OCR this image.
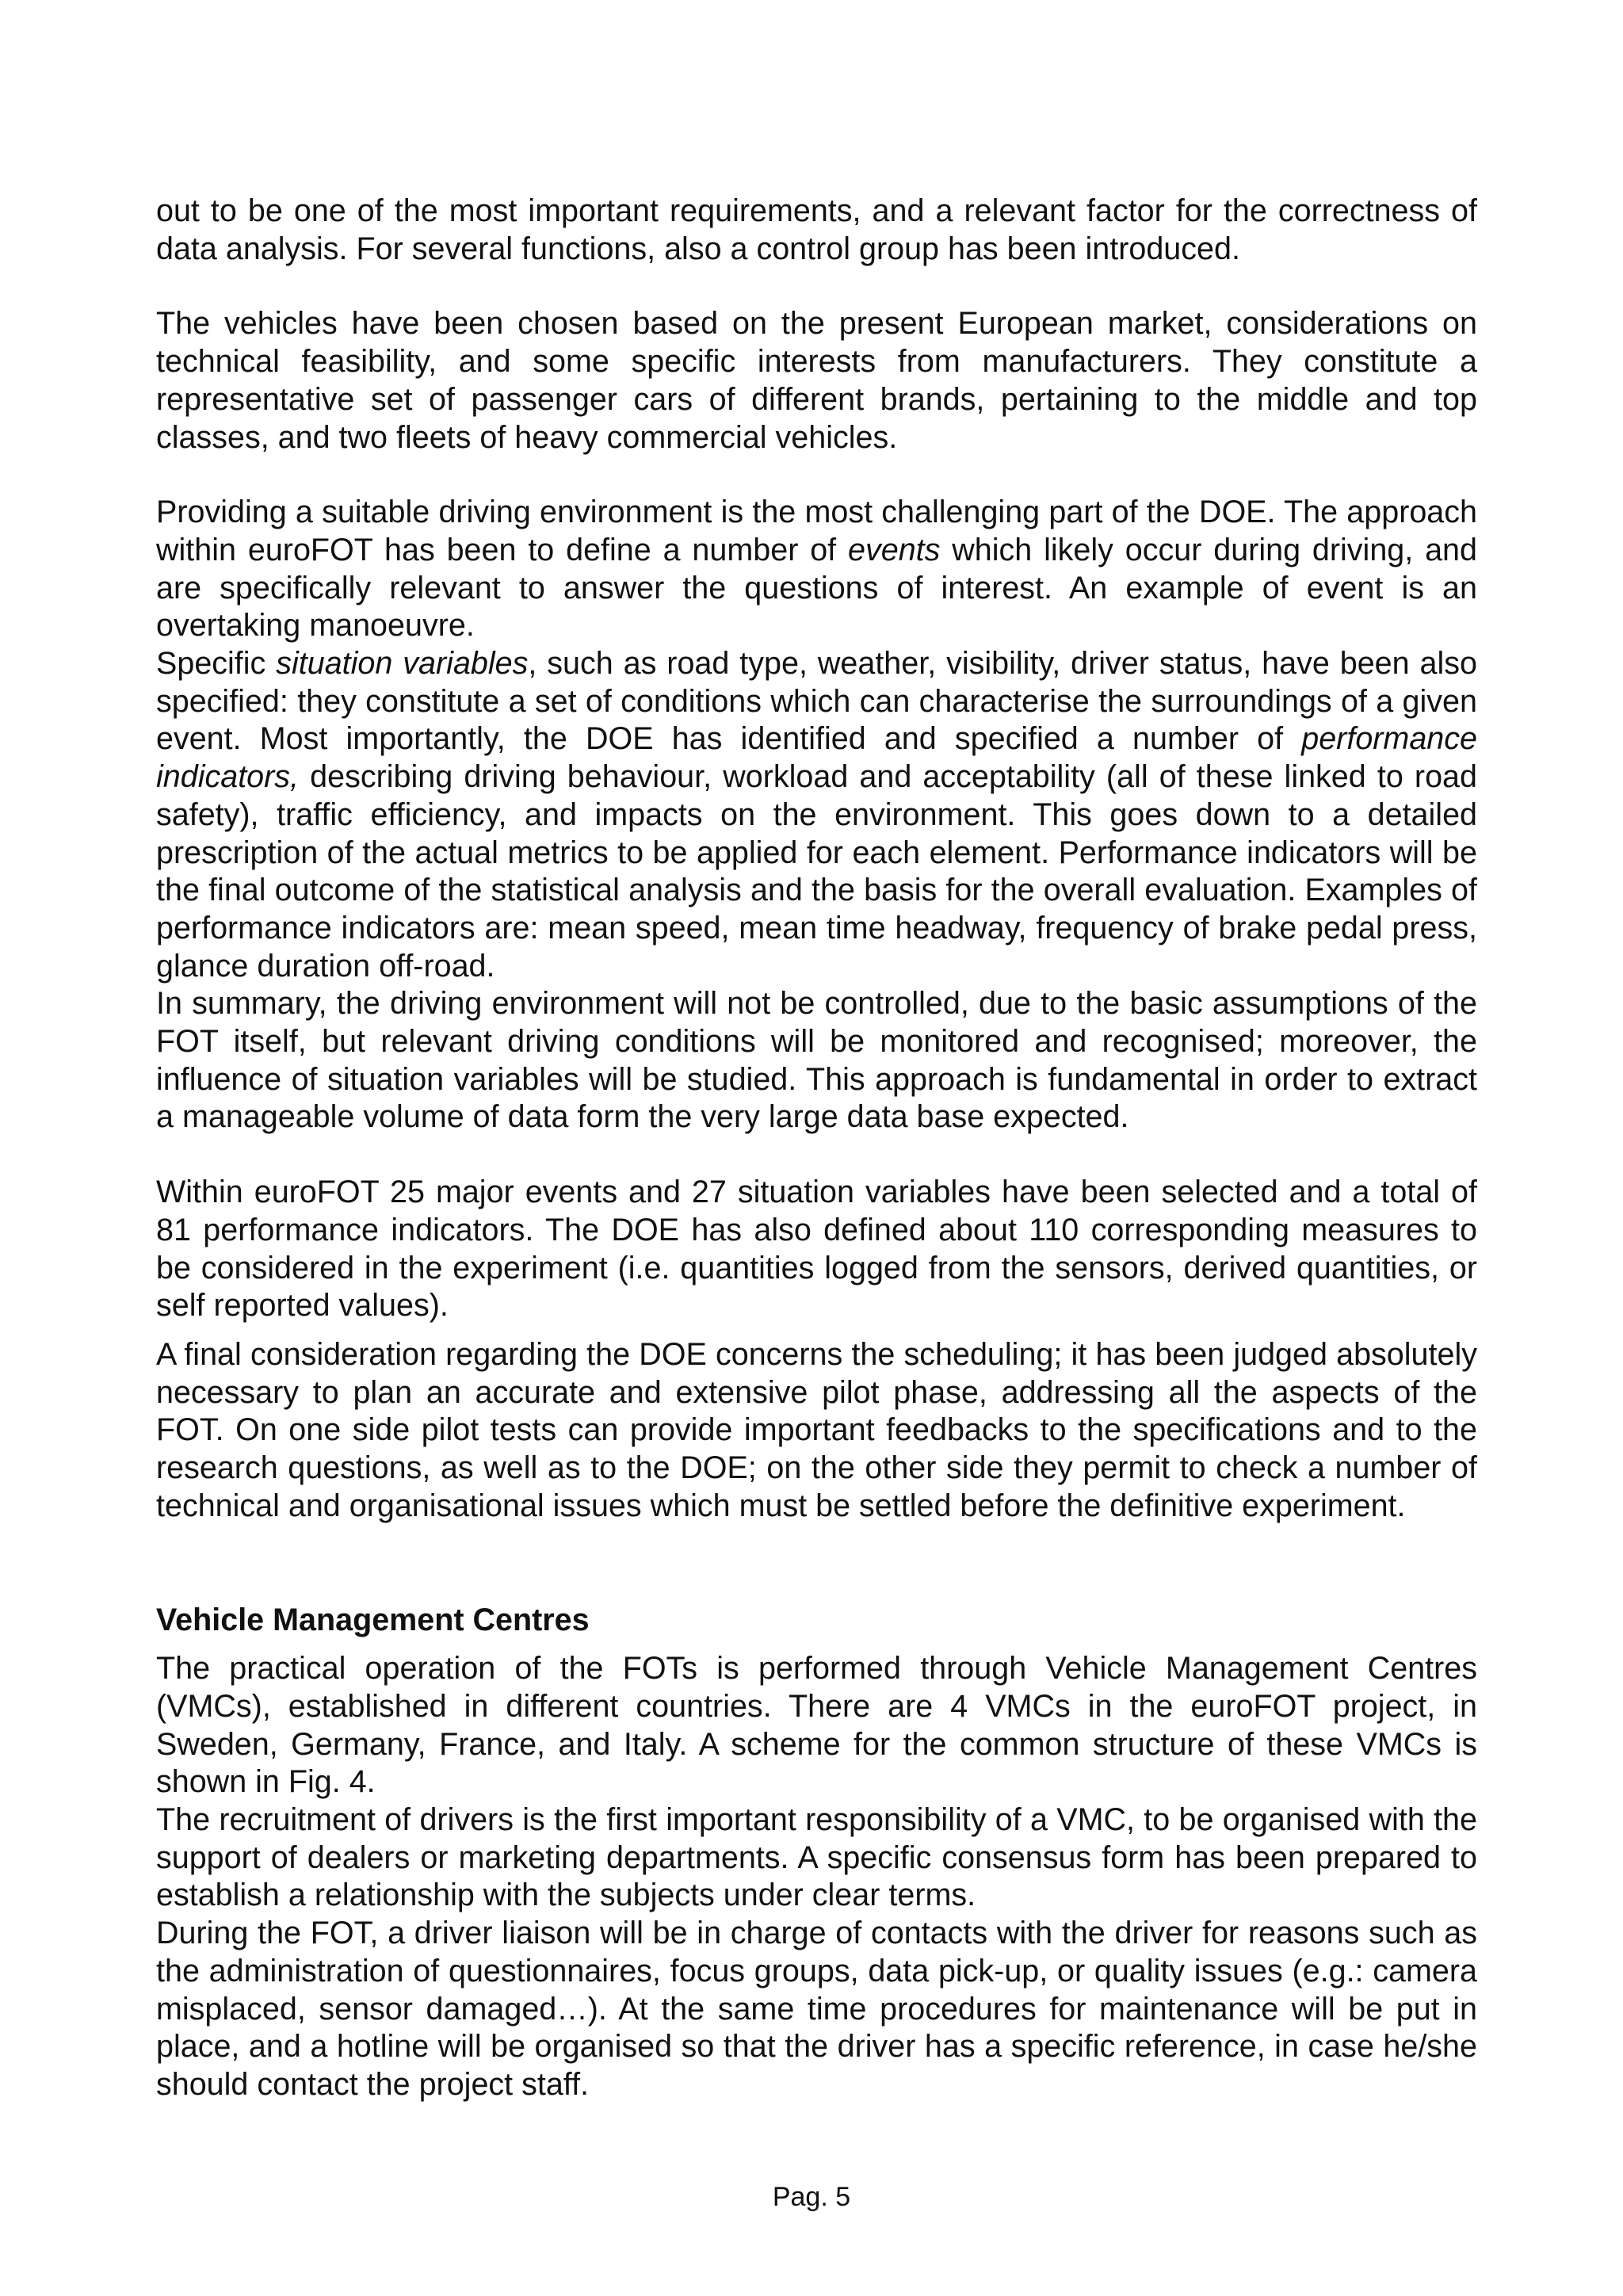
out to be one of the most important requirements, and a relevant factor for the correctness of data analysis. For several functions, also a control group has been introduced.

The vehicles have been chosen based on the present European market, considerations on technical feasibility, and some specific interests from manufacturers. They constitute a representative set of passenger cars of different brands, pertaining to the middle and top classes, and two fleets of heavy commercial vehicles.

Providing a suitable driving environment is the most challenging part of the DOE. The approach within euroFOT has been to define a number of events which likely occur during driving, and are specifically relevant to answer the questions of interest. An example of event is an overtaking manoeuvre.

Specific situation variables, such as road type, weather, visibility, driver status, have been also specified: they constitute a set of conditions which can characterise the surroundings of a given event. Most importantly, the DOE has identified and specified a number of performance indicators, describing driving behaviour, workload and acceptability (all of these linked to road safety), traffic efficiency, and impacts on the environment. This goes down to a detailed prescription of the actual metrics to be applied for each element. Performance indicators will be the final outcome of the statistical analysis and the basis for the overall evaluation. Examples of performance indicators are: mean speed, mean time headway, frequency of brake pedal press, glance duration off-road.

In summary, the driving environment will not be controlled, due to the basic assumptions of the FOT itself, but relevant driving conditions will be monitored and recognised; moreover, the influence of situation variables will be studied. This approach is fundamental in order to extract a manageable volume of data form the very large data base expected.

Within euroFOT 25 major events and 27 situation variables have been selected and a total of 81 performance indicators. The DOE has also defined about 110 corresponding measures to be considered in the experiment (i.e. quantities logged from the sensors, derived quantities, or self reported values).

A final consideration regarding the DOE concerns the scheduling; it has been judged absolutely necessary to plan an accurate and extensive pilot phase, addressing all the aspects of the FOT. On one side pilot tests can provide important feedbacks to the specifications and to the research questions, as well as to the DOE; on the other side they permit to check a number of technical and organisational issues which must be settled before the definitive experiment.

Vehicle Management Centres

The practical operation of the FOTs is performed through Vehicle Management Centres (VMCs), established in different countries. There are 4 VMCs in the euroFOT project, in Sweden, Germany, France, and Italy. A scheme for the common structure of these VMCs is shown in Fig. 4.

The recruitment of drivers is the first important responsibility of a VMC, to be organised with the support of dealers or marketing departments. A specific consensus form has been prepared to establish a relationship with the subjects under clear terms.

During the FOT, a driver liaison will be in charge of contacts with the driver for reasons such as the administration of questionnaires, focus groups, data pick-up, or quality issues (e.g.: camera misplaced, sensor damaged…). At the same time procedures for maintenance will be put in place, and a hotline will be organised so that the driver has a specific reference, in case he/she should contact the project staff.

Pag. 5
